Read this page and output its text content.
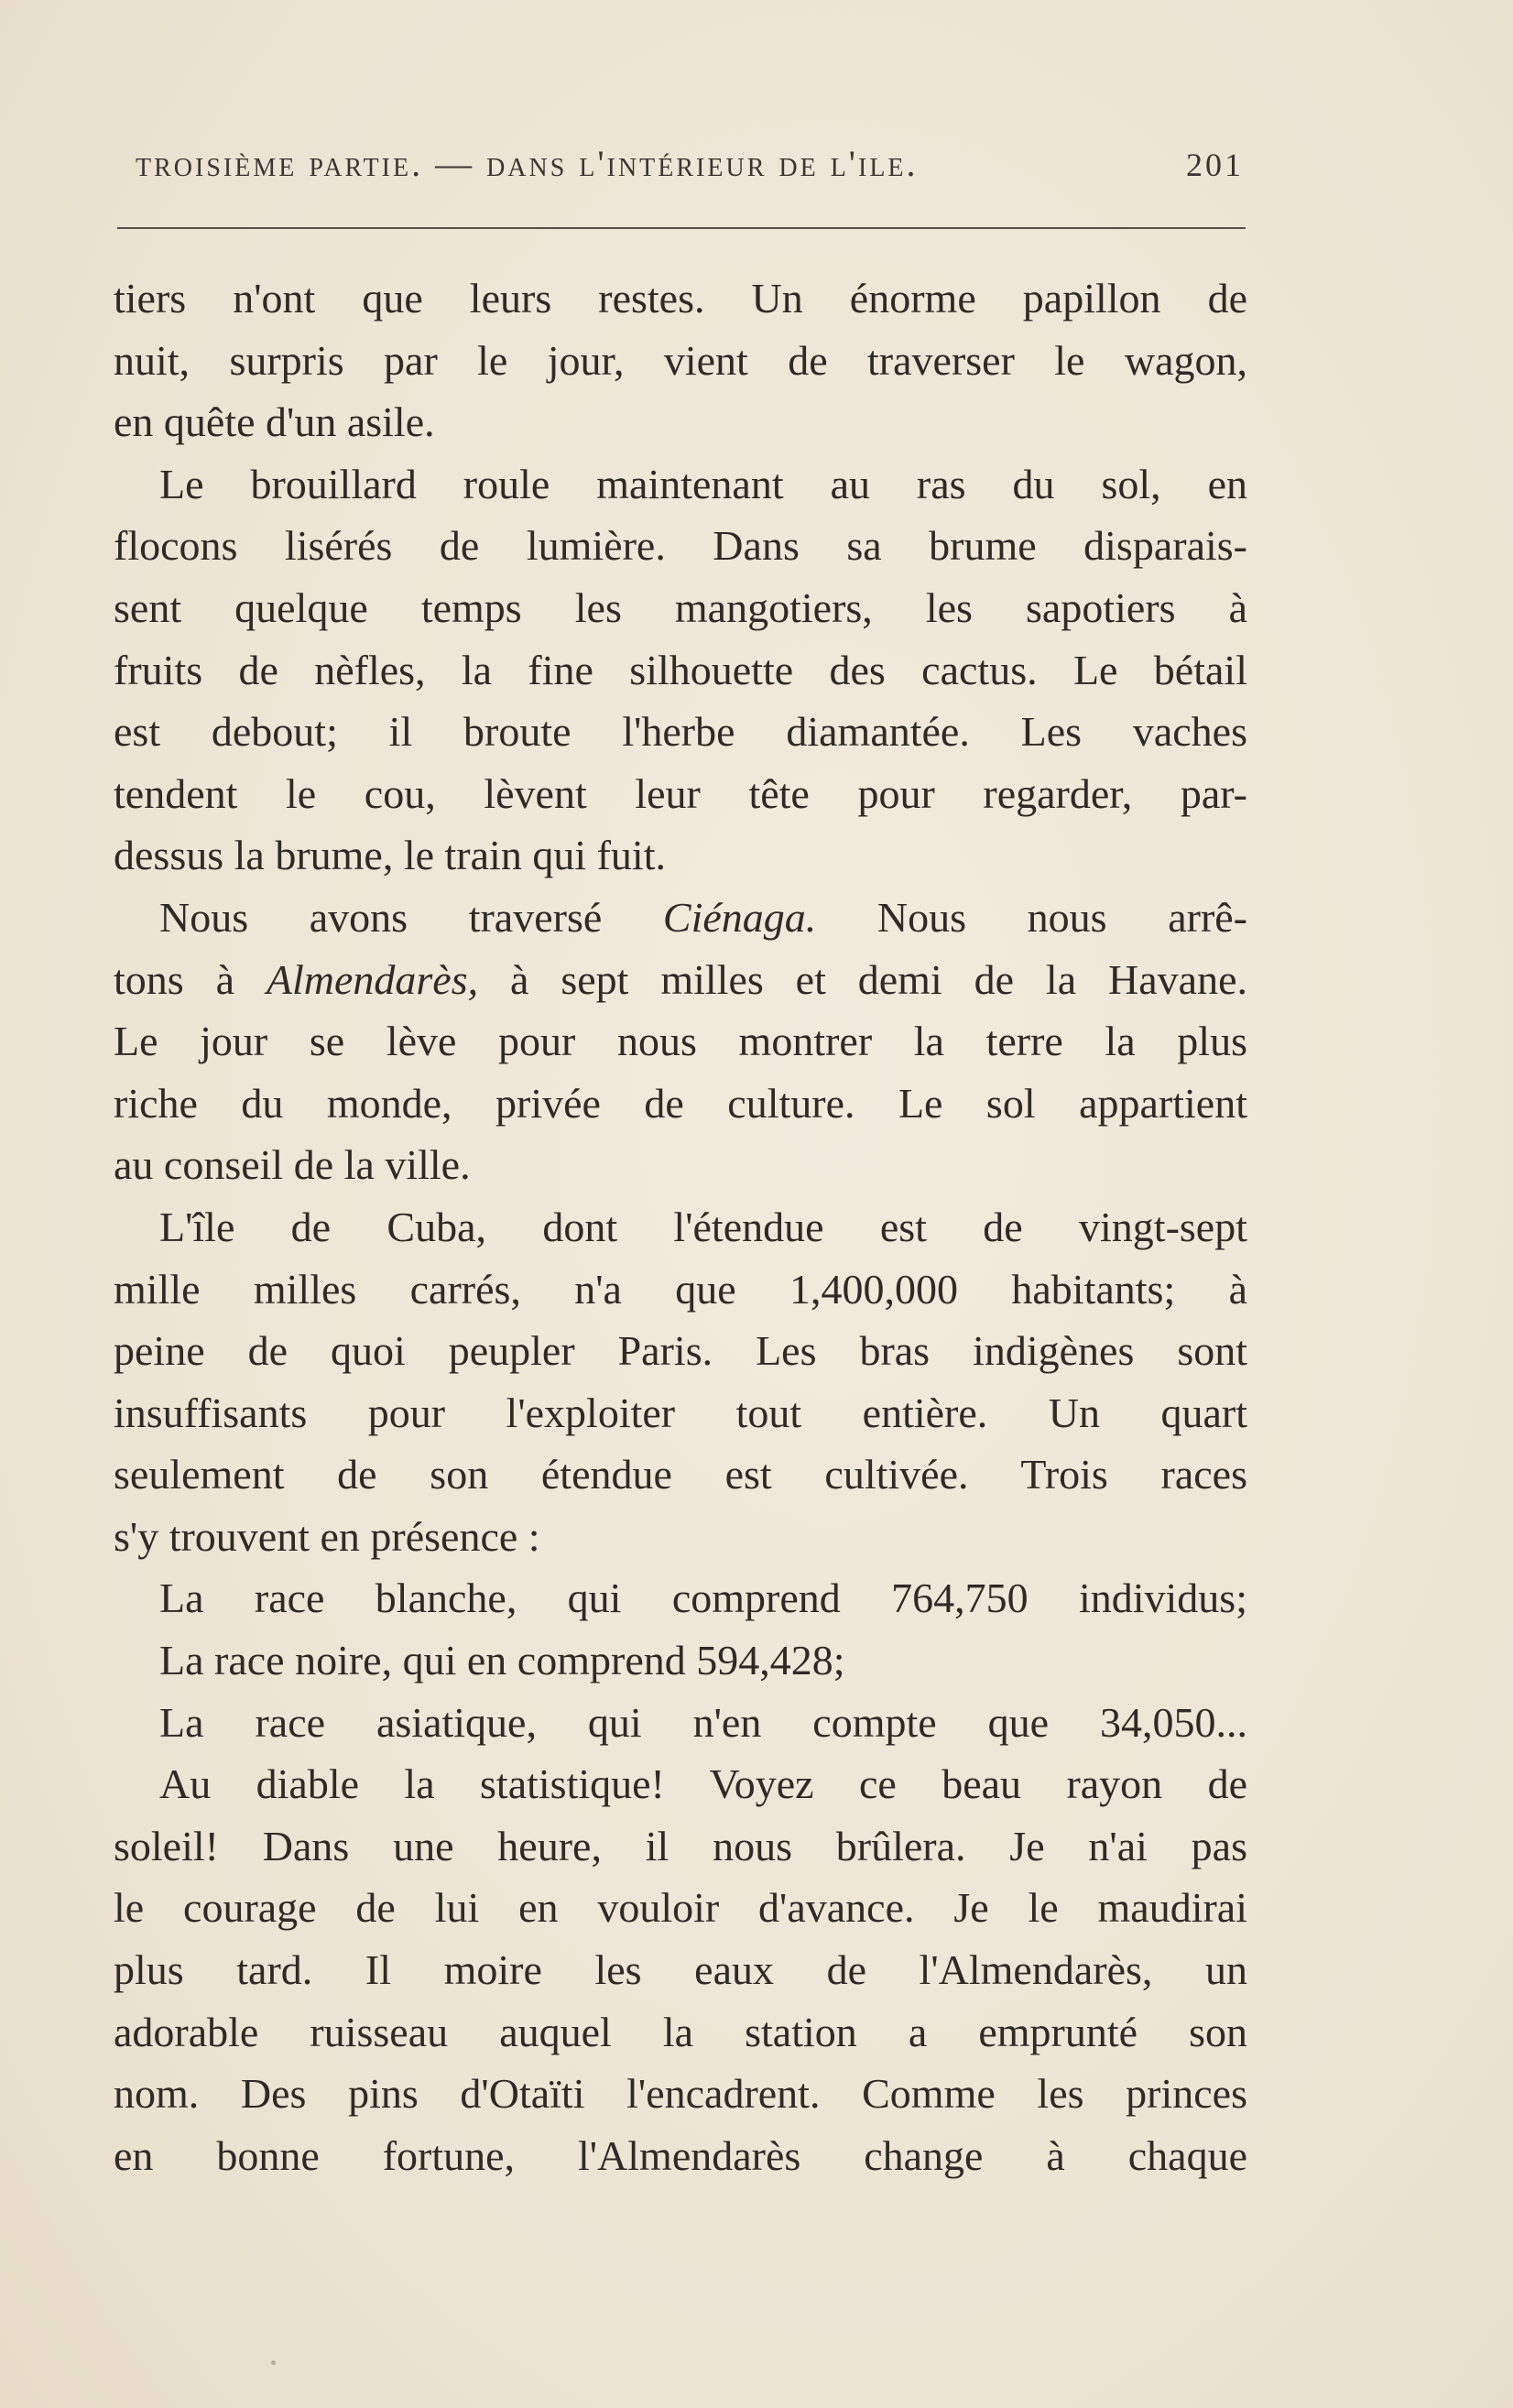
troisième partie. — dans l'intérieur de l'ile.	201
tiers n'ont que leurs restes. Un énorme papillon de
nuit, surpris par le jour, vient de traverser le wagon,
en quête d'un asile.
Le brouillard roule maintenant au ras du sol, en
flocons lisérés de lumière. Dans sa brume disparais-
sent quelque temps les mangotiers, les sapotiers à
fruits de nèfles, la fine silhouette des cactus. Le bétail
est debout; il broute l'herbe diamantée. Les vaches
tendent le cou, lèvent leur tête pour regarder, par-
dessus la brume, le train qui fuit.
Nous avons traversé Ciénaga. Nous nous arrê-
tons à Almendarès, à sept milles et demi de la Havane.
Le jour se lève pour nous montrer la terre la plus
riche du monde, privée de culture. Le sol appartient
au conseil de la ville.
L'île de Cuba, dont l'étendue est de vingt-sept
mille milles carrés, n'a que 1,400,000 habitants; à
peine de quoi peupler Paris. Les bras indigènes sont
insuffisants pour l'exploiter tout entière. Un quart
seulement de son étendue est cultivée. Trois races
s'y trouvent en présence :
La race blanche, qui comprend 764,750 individus;
La race noire, qui en comprend 594,428;
La race asiatique, qui n'en compte que 34,050...
Au diable la statistique! Voyez ce beau rayon de
soleil! Dans une heure, il nous brûlera. Je n'ai pas
le courage de lui en vouloir d'avance. Je le maudirai
plus tard. Il moire les eaux de l'Almendarès, un
adorable ruisseau auquel la station a emprunté son
nom. Des pins d'Otaïti l'encadrent. Comme les princes
en bonne fortune, l'Almendarès change à chaque
